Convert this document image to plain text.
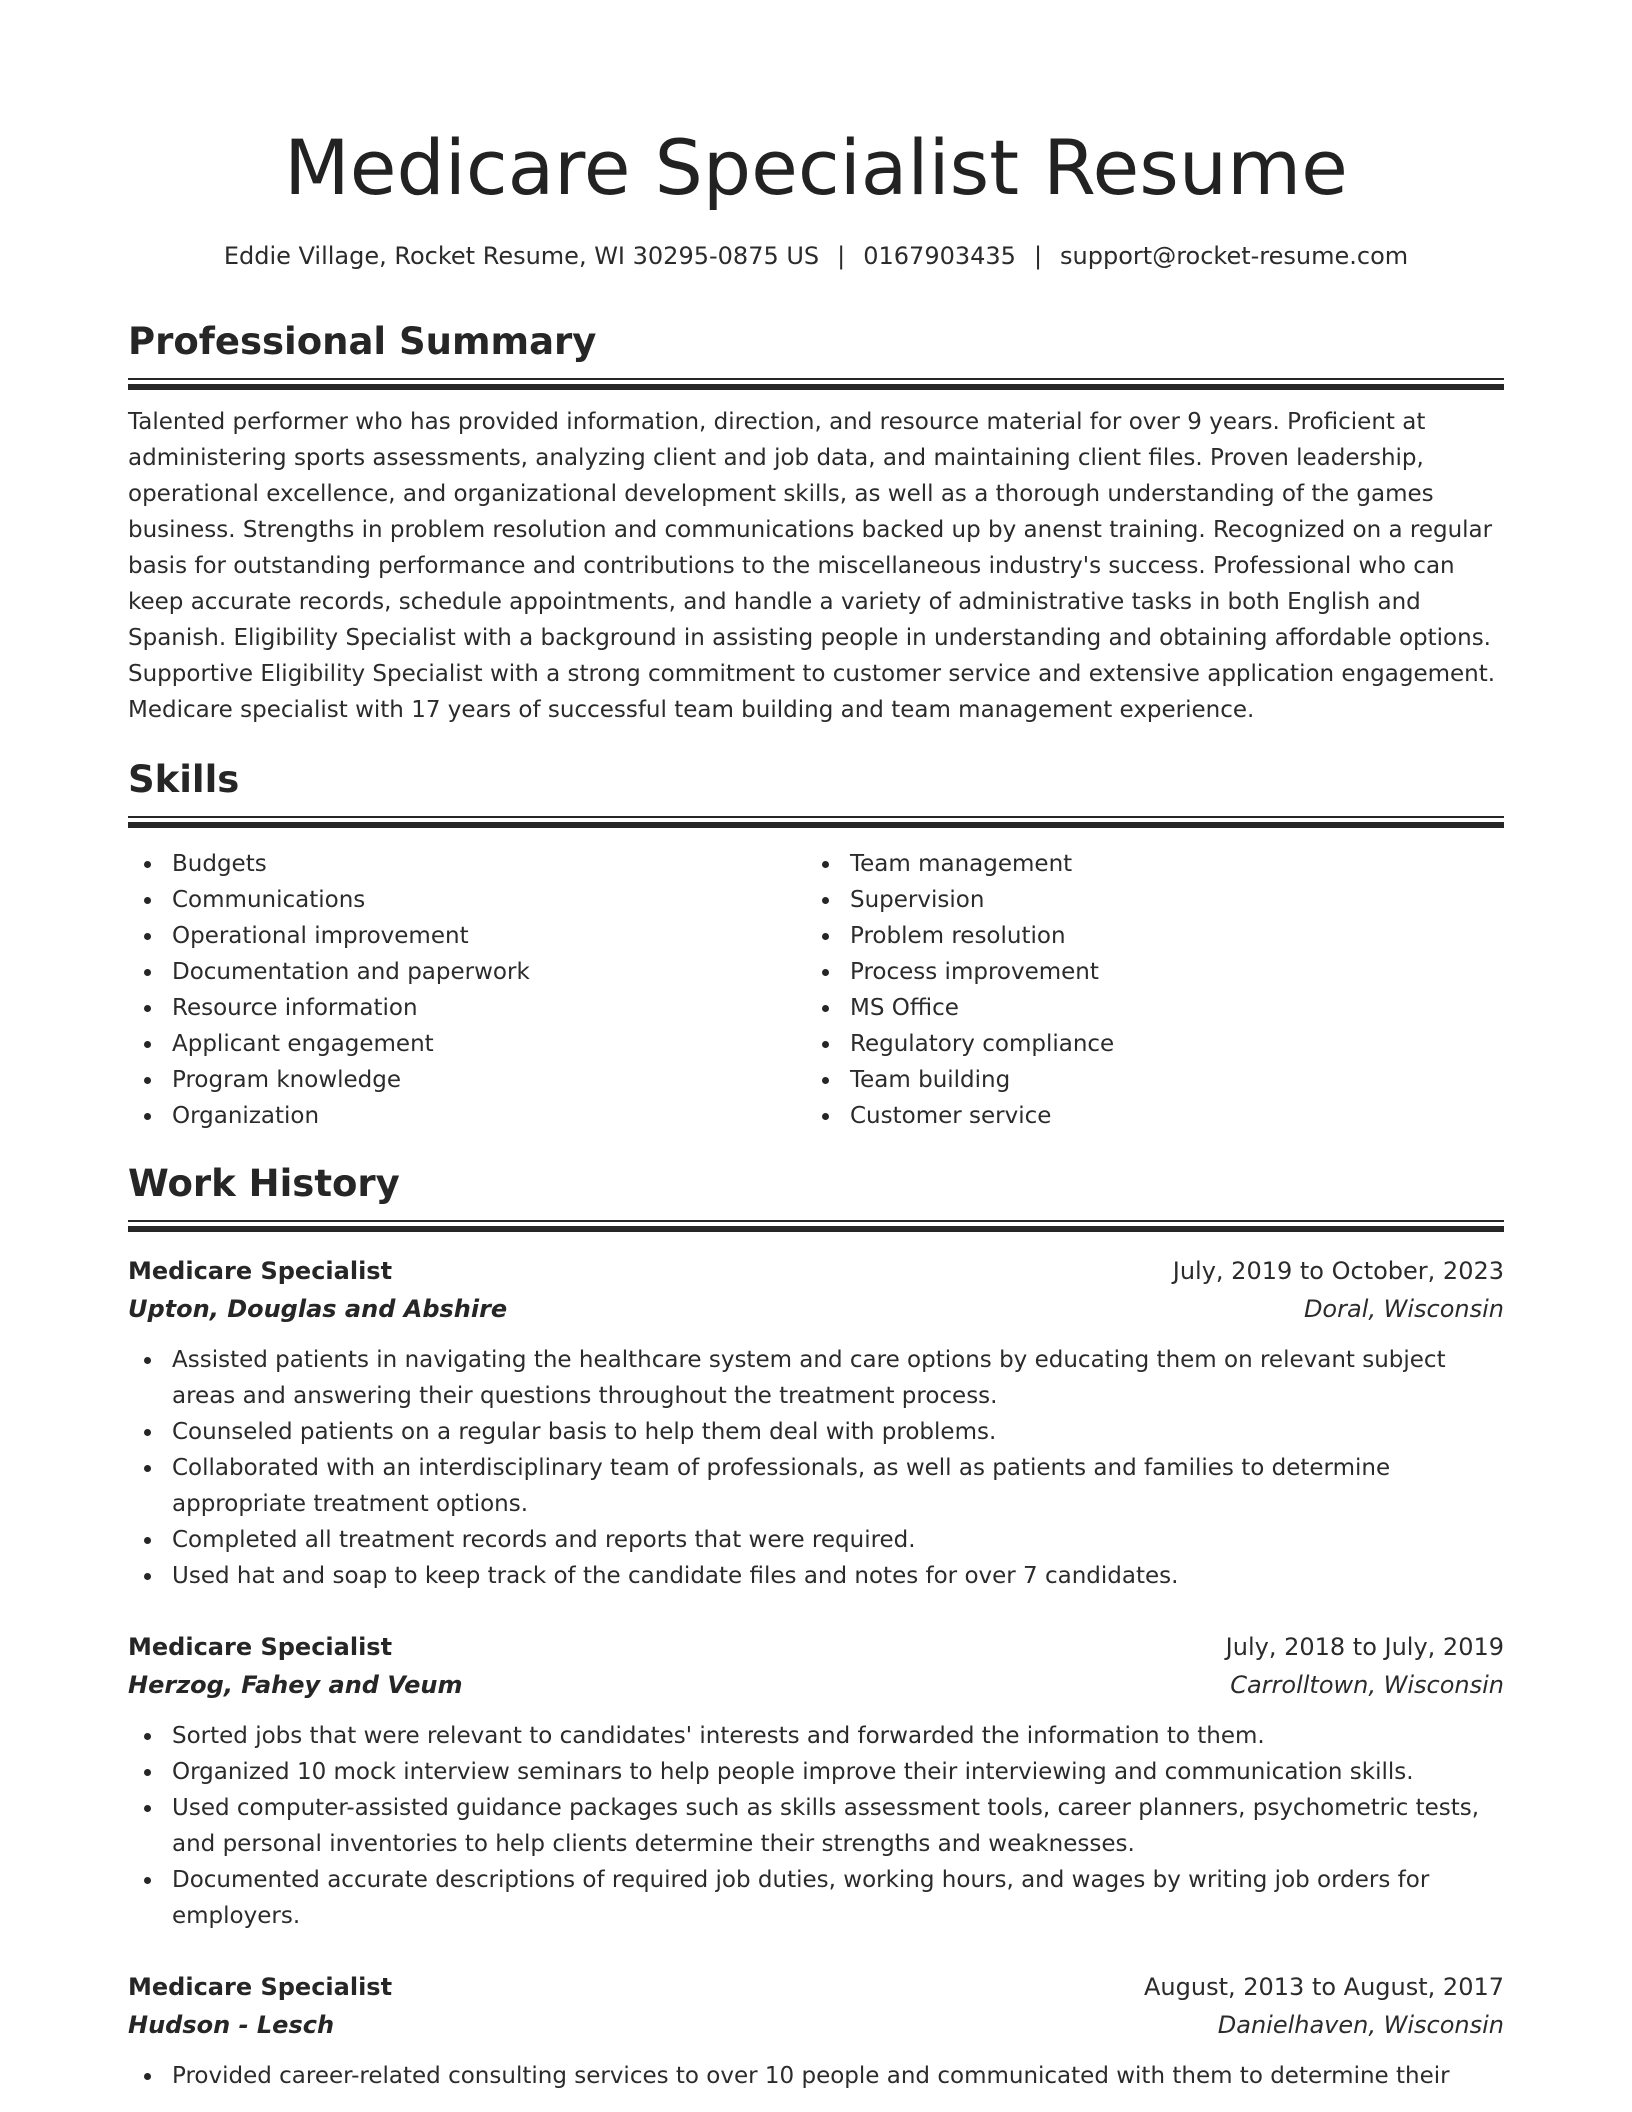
Medicare Specialist Resume
Eddie Village, Rocket Resume, WI 30295-0875 US | 0167903435 | support@rocket-resume.com
Professional Summary

Talented performer who has provided information, direction, and resource material for over 9 years. Proficient at
administering sports assessments, analyzing client and job data, and maintaining client files. Proven leadership,
operational excellence, and organizational development skills, as well as a thorough understanding of the games
business. Strengths in problem resolution and communications backed up by anenst training. Recognized on a regular
basis for outstanding performance and contributions to the miscellaneous industry's success. Professional who can
keep accurate records, schedule appointments, and handle a variety of administrative tasks in both English and
Spanish. Eligibility Specialist with a background in assisting people in understanding and obtaining affordable options.
Supportive Eligibility Specialist with a strong commitment to customer service and extensive application engagement.
Medicare specialist with 17 years of successful team building and team management experience.

Skills
Budgets
Communications
Operational improvement
Documentation and paperwork
Resource information
Applicant engagement
Program knowledge
Organization
Team management
Supervision
Problem resolution
Process improvement
MS Office
Regulatory compliance
Team building
Customer service
Work History
Medicare Specialist	July, 2019 to October, 2023
Upton, Douglas and Abshire	Doral, Wisconsin
Assisted patients in navigating the healthcare system and care options by educating them on relevant subject areas and answering their questions throughout the treatment process.
Counseled patients on a regular basis to help them deal with problems.
Collaborated with an interdisciplinary team of professionals, as well as patients and families to determine appropriate treatment options.
Completed all treatment records and reports that were required.
Used hat and soap to keep track of the candidate files and notes for over 7 candidates.
Medicare Specialist	July, 2018 to July, 2019
Herzog, Fahey and Veum	Carrolltown, Wisconsin
Sorted jobs that were relevant to candidates' interests and forwarded the information to them.
Organized 10 mock interview seminars to help people improve their interviewing and communication skills.
Used computer-assisted guidance packages such as skills assessment tools, career planners, psychometric tests, and personal inventories to help clients determine their strengths and weaknesses.
Documented accurate descriptions of required job duties, working hours, and wages by writing job orders for employers.
Medicare Specialist	August, 2013 to August, 2017
Hudson - Lesch	Danielhaven, Wisconsin
Provided career-related consulting services to over 10 people and communicated with them to determine their
